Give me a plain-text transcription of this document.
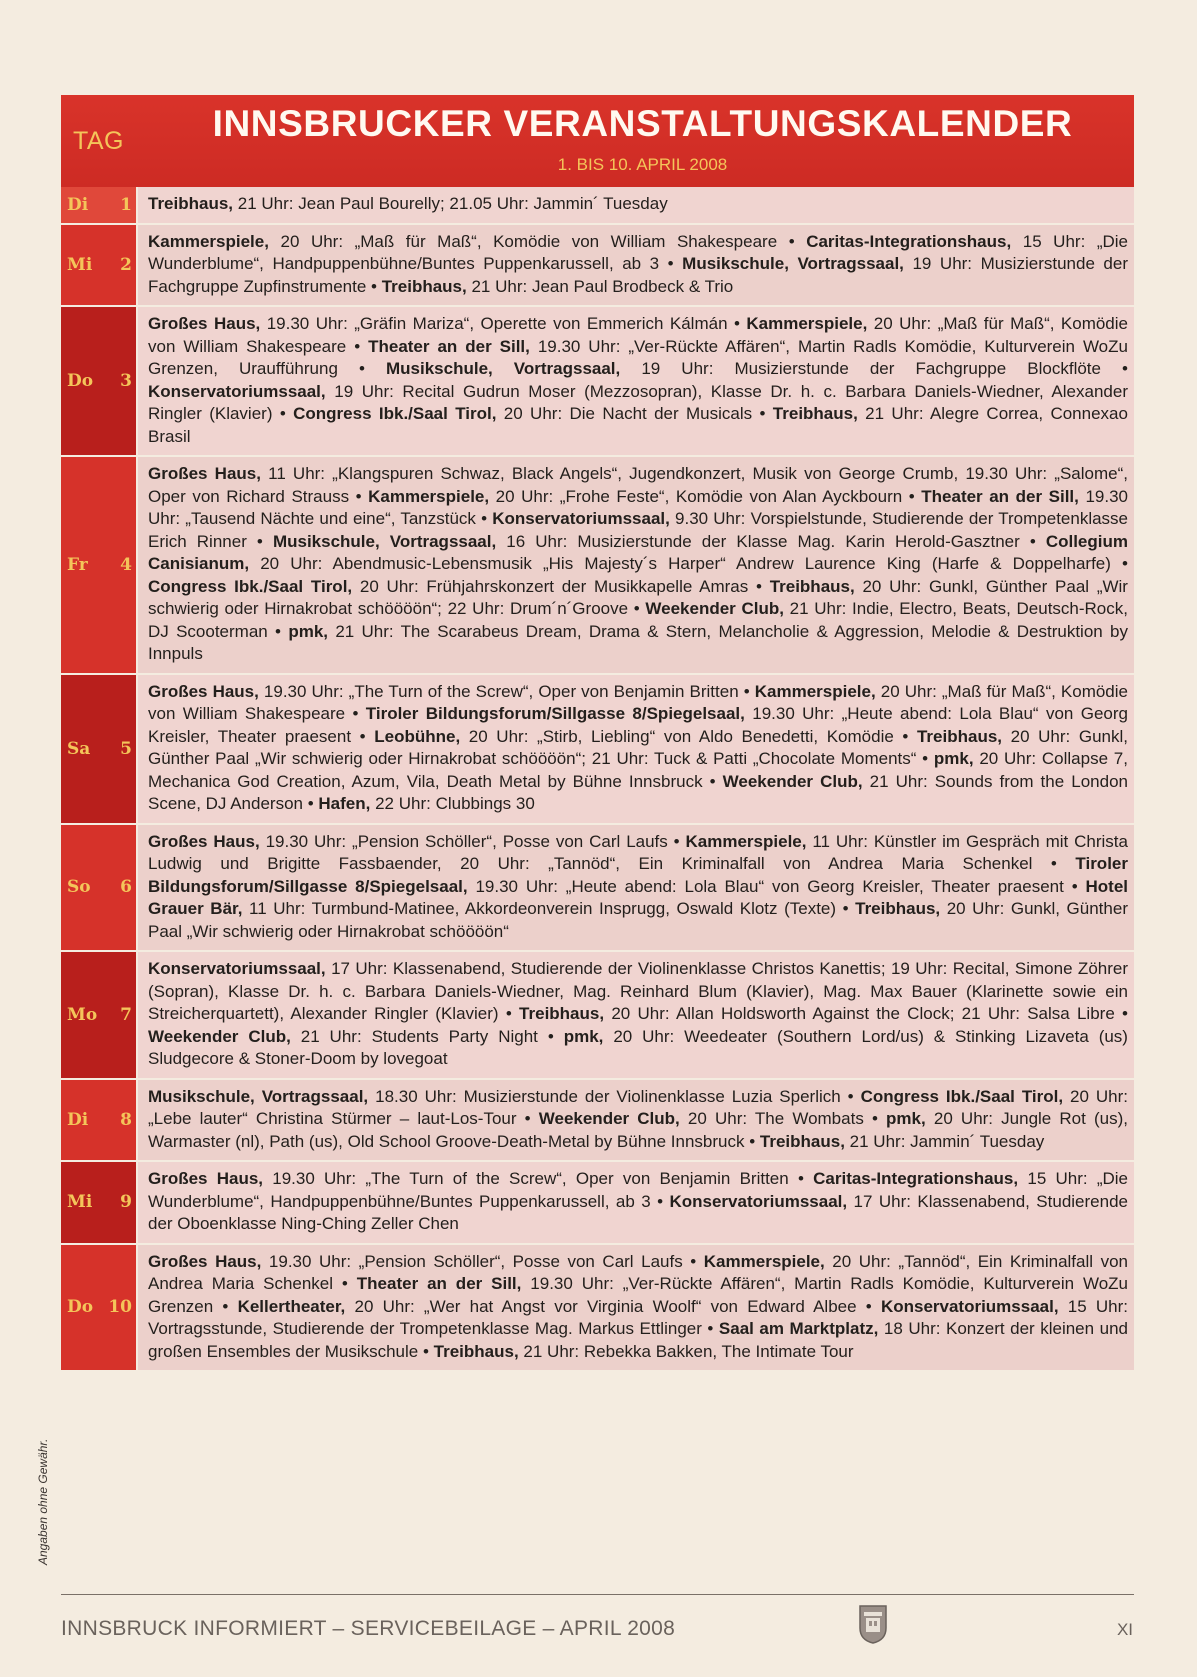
TAG	INNSBRUCKER VERANSTALTUNGSKALENDER
1. BIS 10. APRIL 2008
Di 1 Treibhaus, 21 Uhr: Jean Paul Bourelly; 21.05 Uhr: Jammin´ Tuesday
Mi 2
Kammerspiele, 20 Uhr: „Maß für Maß“, Komödie von William Shakespeare • Caritas-Integrationshaus, 15 Uhr: „Die Wunderblume“, Handpuppenbühne/Buntes Puppenkarussell, ab 3 • Musikschule, Vortragssaal, 19 Uhr: Musizierstunde der Fachgruppe Zupfinstrumente • Treibhaus, 21 Uhr: Jean Paul Brodbeck & Trio
Do 3
Großes Haus, 19.30 Uhr: „Gräfin Mariza“, Operette von Emmerich Kálmán • Kammerspiele, 20 Uhr: „Maß für Maß“, Komödie von William Shakespeare • Theater an der Sill, 19.30 Uhr: „Ver-Rückte Affären“, Martin Radls Komödie, Kulturverein WoZu Grenzen, Uraufführung • Musikschule, Vortragssaal, 19 Uhr: Musizierstunde der Fachgruppe Blockflöte • Konservatoriumssaal, 19 Uhr: Recital Gudrun Moser (Mezzosopran), Klasse Dr. h. c. Barbara Daniels-Wiedner, Alexander Ringler (Klavier) • Congress Ibk./Saal Tirol, 20 Uhr: Die Nacht der Musicals • Treibhaus, 21 Uhr: Alegre Correa, Connexao Brasil
Fr 4
Großes Haus, 11 Uhr: „Klangspuren Schwaz, Black Angels“, Jugendkonzert, Musik von George Crumb, 19.30 Uhr: „Salome“, Oper von Richard Strauss • Kammerspiele, 20 Uhr: „Frohe Feste“, Komödie von Alan Ayckbourn • Theater an der Sill, 19.30 Uhr: „Tausend Nächte und eine“, Tanzstück • Konservatoriumssaal, 9.30 Uhr: Vorspielstunde, Studierende der Trompetenklasse Erich Rinner • Musikschule, Vortragssaal, 16 Uhr: Musizierstunde der Klasse Mag. Karin Herold-Gasztner • Collegium Canisianum, 20 Uhr: Abendmusic-Lebensmusik „His Majesty´s Harper“ Andrew Laurence King (Harfe & Doppelharfe) • Congress Ibk./Saal Tirol, 20 Uhr: Frühjahrskonzert der Musikkapelle Amras • Treibhaus, 20 Uhr: Gunkl, Günther Paal „Wir schwierig oder Hirnakrobat schöööön“; 22 Uhr: Drum´n´Groove • Weekender Club, 21 Uhr: Indie, Electro, Beats, Deutsch-Rock, DJ Scooterman • pmk, 21 Uhr: The Scarabeus Dream, Drama & Stern, Melancholie & Aggression, Melodie & Destruktion by Innpuls
Sa 5
Großes Haus, 19.30 Uhr: „The Turn of the Screw“, Oper von Benjamin Britten • Kammerspiele, 20 Uhr: „Maß für Maß“, Komödie von William Shakespeare • Tiroler Bildungsforum/Sillgasse 8/Spiegelsaal, 19.30 Uhr: „Heute abend: Lola Blau“ von Georg Kreisler, Theater praesent • Leobühne, 20 Uhr: „Stirb, Liebling“ von Aldo Benedetti, Komödie • Treibhaus, 20 Uhr: Gunkl, Günther Paal „Wir schwierig oder Hirnakrobat schöööön“; 21 Uhr: Tuck & Patti „Chocolate Moments“ • pmk, 20 Uhr: Collapse 7, Mechanica God Creation, Azum, Vila, Death Metal by Bühne Innsbruck • Weekender Club, 21 Uhr: Sounds from the London Scene, DJ Anderson • Hafen, 22 Uhr: Clubbings 30
So 6
Großes Haus, 19.30 Uhr: „Pension Schöller“, Posse von Carl Laufs • Kammerspiele, 11 Uhr: Künstler im Gespräch mit Christa Ludwig und Brigitte Fassbaender, 20 Uhr: „Tannöd“, Ein Kriminalfall von Andrea Maria Schenkel • Tiroler Bildungsforum/Sillgasse 8/Spiegelsaal, 19.30 Uhr: „Heute abend: Lola Blau“ von Georg Kreisler, Theater praesent • Hotel Grauer Bär, 11 Uhr: Turmbund-Matinee, Akkordeonverein Insprugg, Oswald Klotz (Texte) • Treibhaus, 20 Uhr: Gunkl, Günther Paal „Wir schwierig oder Hirnakrobat schöööön“
Mo 7
Konservatoriumssaal, 17 Uhr: Klassenabend, Studierende der Violinenklasse Christos Kanettis; 19 Uhr: Recital, Simone Zöhrer (Sopran), Klasse Dr. h. c. Barbara Daniels-Wiedner, Mag. Reinhard Blum (Klavier), Mag. Max Bauer (Klarinette sowie ein Streicherquartett), Alexander Ringler (Klavier) • Treibhaus, 20 Uhr: Allan Holdsworth Against the Clock; 21 Uhr: Salsa Libre • Weekender Club, 21 Uhr: Students Party Night • pmk, 20 Uhr: Weedeater (Southern Lord/us) & Stinking Lizaveta (us) Sludgecore & Stoner-Doom by lovegoat
Di 8
Musikschule, Vortragssaal, 18.30 Uhr: Musizierstunde der Violinenklasse Luzia Sperlich • Congress Ibk./Saal Tirol, 20 Uhr: „Lebe lauter“ Christina Stürmer – laut-Los-Tour • Weekender Club, 20 Uhr: The Wombats • pmk, 20 Uhr: Jungle Rot (us), Warmaster (nl), Path (us), Old School Groove-Death-Metal by Bühne Innsbruck • Treibhaus, 21 Uhr: Jammin´ Tuesday
Mi 9
Großes Haus, 19.30 Uhr: „The Turn of the Screw“, Oper von Benjamin Britten • Caritas-Integrationshaus, 15 Uhr: „Die Wunderblume“, Handpuppenbühne/Buntes Puppenkarussell, ab 3 • Konservatoriumssaal, 17 Uhr: Klassenabend, Studierende der Oboenklasse Ning-Ching Zeller Chen
Do 10
Großes Haus, 19.30 Uhr: „Pension Schöller“, Posse von Carl Laufs • Kammerspiele, 20 Uhr: „Tannöd“, Ein Kriminalfall von Andrea Maria Schenkel • Theater an der Sill, 19.30 Uhr: „Ver-Rückte Affären“, Martin Radls Komödie, Kulturverein WoZu Grenzen • Kellertheater, 20 Uhr: „Wer hat Angst vor Virginia Woolf“ von Edward Albee • Konservatoriumssaal, 15 Uhr: Vortragsstunde, Studierende der Trompetenklasse Mag. Markus Ettlinger • Saal am Marktplatz, 18 Uhr: Konzert der kleinen und großen Ensembles der Musikschule • Treibhaus, 21 Uhr: Rebekka Bakken, The Intimate Tour
Angaben ohne Gewähr.
INNSBRUCK INFORMIERT – SERVICEBEILAGE – APRIL 2008	XI
